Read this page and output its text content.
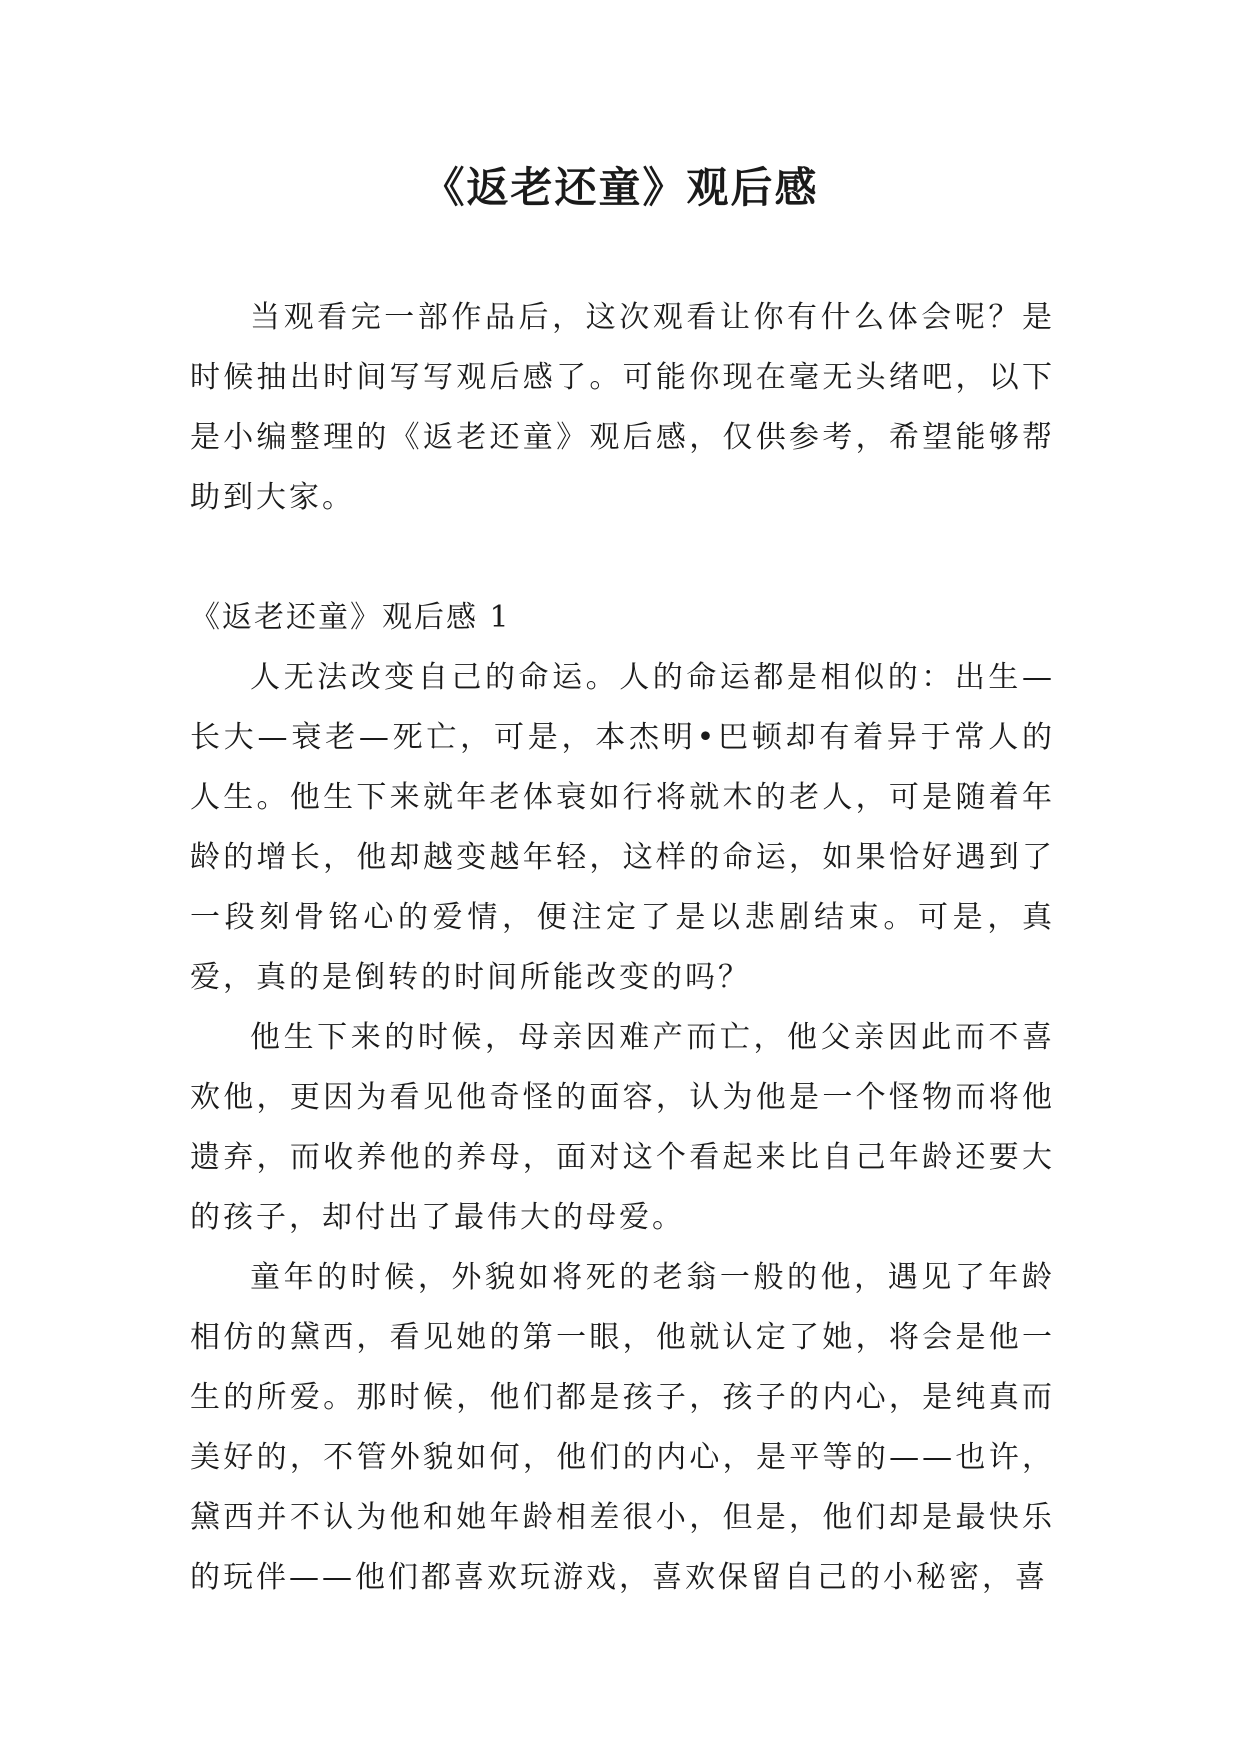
《返老还童》观后感

当观看完一部作品后，这次观看让你有什么体会呢？是时候抽出时间写写观后感了。可能你现在毫无头绪吧，以下是小编整理的《返老还童》观后感，仅供参考，希望能够帮助到大家。

《返老还童》观后感 1

人无法改变自己的命运。人的命运都是相似的：出生—长大—衰老—死亡，可是，本杰明•巴顿却有着异于常人的人生。他生下来就年老体衰如行将就木的老人，可是随着年龄的增长，他却越变越年轻，这样的命运，如果恰好遇到了一段刻骨铭心的爱情，便注定了是以悲剧结束。可是，真爱，真的是倒转的时间所能改变的吗？

他生下来的时候，母亲因难产而亡，他父亲因此而不喜欢他，更因为看见他奇怪的面容，认为他是一个怪物而将他遗弃，而收养他的养母，面对这个看起来比自己年龄还要大的孩子，却付出了最伟大的母爱。

童年的时候，外貌如将死的老翁一般的他，遇见了年龄相仿的黛西，看见她的第一眼，他就认定了她，将会是他一生的所爱。那时候，他们都是孩子，孩子的内心，是纯真而美好的，不管外貌如何，他们的内心，是平等的——也许，黛西并不认为他和她年龄相差很小，但是，他们却是最快乐的玩伴——他们都喜欢玩游戏，喜欢保留自己的小秘密，喜
